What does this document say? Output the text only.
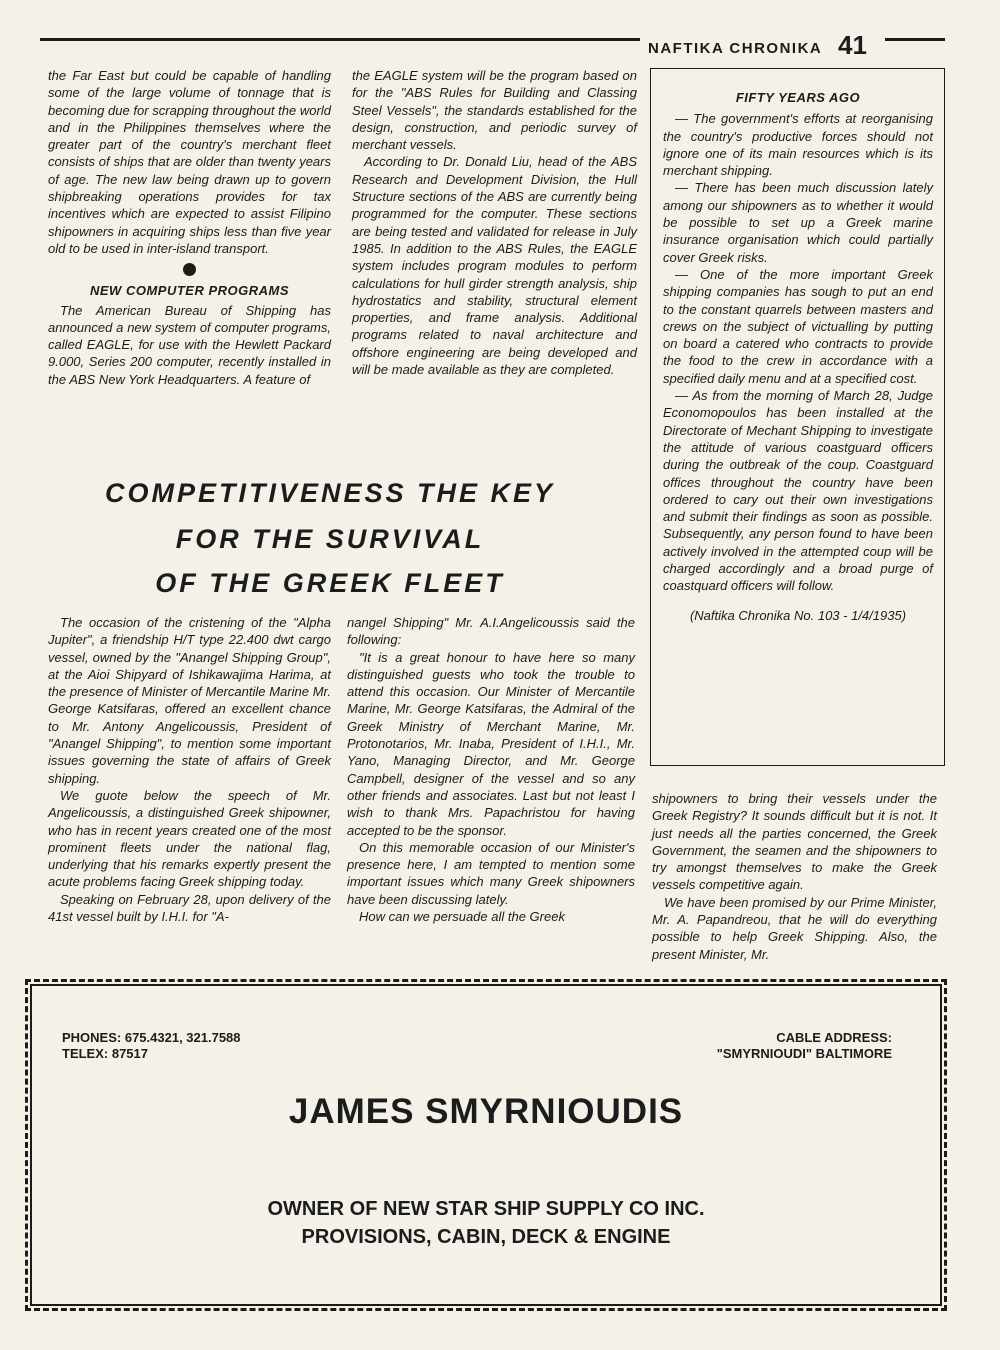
NAFTIKA CHRONIKA 41

the Far East but could be capable of handling some of the large volume of tonnage that is becoming due for scrapping throughout the world and in the Philippines themselves where the greater part of the country's merchant fleet consists of ships that are older than twenty years of age. The new law being drawn up to govern shipbreaking operations provides for tax incentives which are expected to assist Filipino shipowners in acquiring ships less than five year old to be used in inter-island transport.

NEW COMPUTER PROGRAMS

The American Bureau of Shipping has announced a new system of computer programs, called EAGLE, for use with the Hewlett Packard 9.000, Series 200 computer, recently installed in the ABS New York Headquarters. A feature of

the EAGLE system will be the program based on for the "ABS Rules for Building and Classing Steel Vessels", the standards established for the design, construction, and periodic survey of merchant vessels.

According to Dr. Donald Liu, head of the ABS Research and Development Division, the Hull Structure sections of the ABS are currently being programmed for the computer. These sections are being tested and validated for release in July 1985. In addition to the ABS Rules, the EAGLE system includes program modules to perform calculations for hull girder strength analysis, ship hydrostatics and stability, structural element properties, and frame analysis. Additional programs related to naval architecture and offshore engineering are being developed and will be made available as they are completed.

FIFTY YEARS AGO

— The government's efforts at reorganising the country's productive forces should not ignore one of its main resources which is its merchant shipping.

— There has been much discussion lately among our shipowners as to whether it would be possible to set up a Greek marine insurance organisation which could partially cover Greek risks.

— One of the more important Greek shipping companies has sough to put an end to the constant quarrels between masters and crews on the subject of victualling by putting on board a catered who contracts to provide the food to the crew in accordance with a specified daily menu and at a specified cost.

— As from the morning of March 28, Judge Economopoulos has been installed at the Directorate of Mechant Shipping to investigate the attitude of various coastguard officers during the outbreak of the coup. Coastguard offices throughout the country have been ordered to cary out their own investigations and submit their findings as soon as possible. Subsequently, any person found to have been actively involved in the attempted coup will be charged accordingly and a broad purge of coastquard officers will follow.

(Naftika Chronika No. 103 - 1/4/1935)
COMPETITIVENESS THE KEY
FOR THE SURVIVAL
OF THE GREEK FLEET

The occasion of the cristening of the "Alpha Jupiter", a friendship H/T type 22.400 dwt cargo vessel, owned by the "Anangel Shipping Group", at the Aioi Shipyard of Ishikawajima Harima, at the presence of Minister of Mercantile Marine Mr. George Katsifaras, offered an excellent chance to Mr. Antony Angelicoussis, President of "Anangel Shipping", to mention some important issues governing the state of affairs of Greek shipping.

We guote below the speech of Mr. Angelicoussis, a distinguished Greek shipowner, who has in recent years created one of the most prominent fleets under the national flag, underlying that his remarks expertly present the acute problems facing Greek shipping today.

Speaking on February 28, upon delivery of the 41st vessel built by I.H.I. for "A-

nangel Shipping" Mr. A.I.Angelicoussis said the following:

"It is a great honour to have here so many distinguished guests who took the trouble to attend this occasion. Our Minister of Mercantile Marine, Mr. George Katsifaras, the Admiral of the Greek Ministry of Merchant Marine, Mr. Protonotarios, Mr. Inaba, President of I.H.I., Mr. Yano, Managing Director, and Mr. George Campbell, designer of the vessel and so any other friends and associates. Last but not least I wish to thank Mrs. Papachristou for having accepted to be the sponsor.

On this memorable occasion of our Minister's presence here, I am tempted to mention some important issues which many Greek shipowners have been discussing lately.

How can we persuade all the Greek

shipowners to bring their vessels under the Greek Registry? It sounds difficult but it is not. It just needs all the parties concerned, the Greek Government, the seamen and the shipowners to try amongst themselves to make the Greek vessels competitive again.

We have been promised by our Prime Minister, Mr. A. Papandreou, that he will do everything possible to help Greek Shipping. Also, the present Minister, Mr.

PHONES: 675.4321, 321.7588
TELEX: 87517
CABLE ADDRESS:
"SMYRNIOUDI" BALTIMORE
JAMES SMYRNIOUDIS
OWNER OF NEW STAR SHIP SUPPLY CO INC.
PROVISIONS, CABIN, DECK & ENGINE
